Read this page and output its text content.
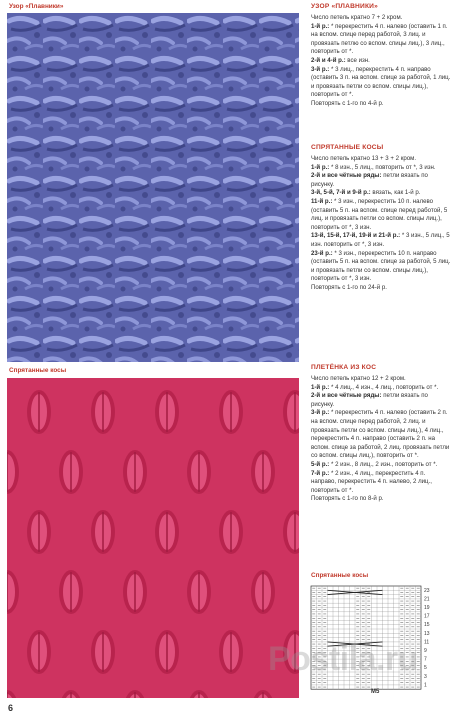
Узор «Плавники»
Спрятанные косы
УЗОР «ПЛАВНИКИ»

Число петель кратно 7 + 2 кром.

1-й р.: * перекрестить 4 п. налево (оставить 1 п. на вспом. спице перед работой, 3 лиц. и провязать петлю со вспом. спицы лиц.), 3 лиц., повторить от *.

2-й и 4-й р.: все изн.

3-й р.: * 3 лиц., перекрестить 4 п. направо (оставить 3 п. на вспом. спице за работой, 1 лиц. и провязать петли со вспом. спицы лиц.), повторить от *.

Повторять с 1-го по 4-й р.

СПРЯТАННЫЕ КОСЫ

Число петель кратно 13 + 3 + 2 кром.

1-й р.: * 8 изн., 5 лиц., повторить от *, 3 изн.

2-й и все чётные ряды: петли вязать по рисунку.

3-й, 5-й, 7-й и 9-й р.: вязать, как 1-й р.

11-й р.: * 3 изн., перекрестить 10 п. налево (оставить 5 п. на вспом. спице перед работой, 5 лиц. и провязать петли со вспом. спицы лиц.), повторить от *, 3 изн.

13-й, 15-й, 17-й, 19-й и 21-й р.: * 3 изн., 5 лиц., 5 изн. повторить от *, 3 изн.

23-й р.: * 3 изн., перекрестить 10 п. направо (оставить 5 п. на вспом. спице за работой, 5 лиц. и провязать петли со вспом. спицы лиц.), повторить от *, 3 изн.

Повторять с 1-го по 24-й р.

ПЛЕТЁНКА ИЗ КОС

Число петель кратно 12 + 2 кром.

1-й р.: * 4 лиц., 4 изн., 4 лиц., повторить от *.

2-й и все чётные ряды: петли вязать по рисунку.

3-й р.: * перекрестить 4 п. налево (оставить 2 п. на вспом. спице перед работой, 2 лиц. и провязать петли со вспом. спицы лиц.), 4 лиц., перекрестить 4 п. направо (оставить 2 п. на вспом. спице за работой, 2 лиц. провязать петли со вспом. спицы лиц.), повторить от *.

5-й р.: * 2 изн., 8 лиц., 2 изн., повторить от *.

7-й р.: * 2 изн., 4 лиц., перекрестить 4 п. направо, перекрестить 4 п. налево, 2 лиц., повторить от *.

Повторять с 1-го по 8-й р.

Спрятанные косы
23
21
19
17
15
13
11
9
7
5
3
1
М5
Postila.ru
6
